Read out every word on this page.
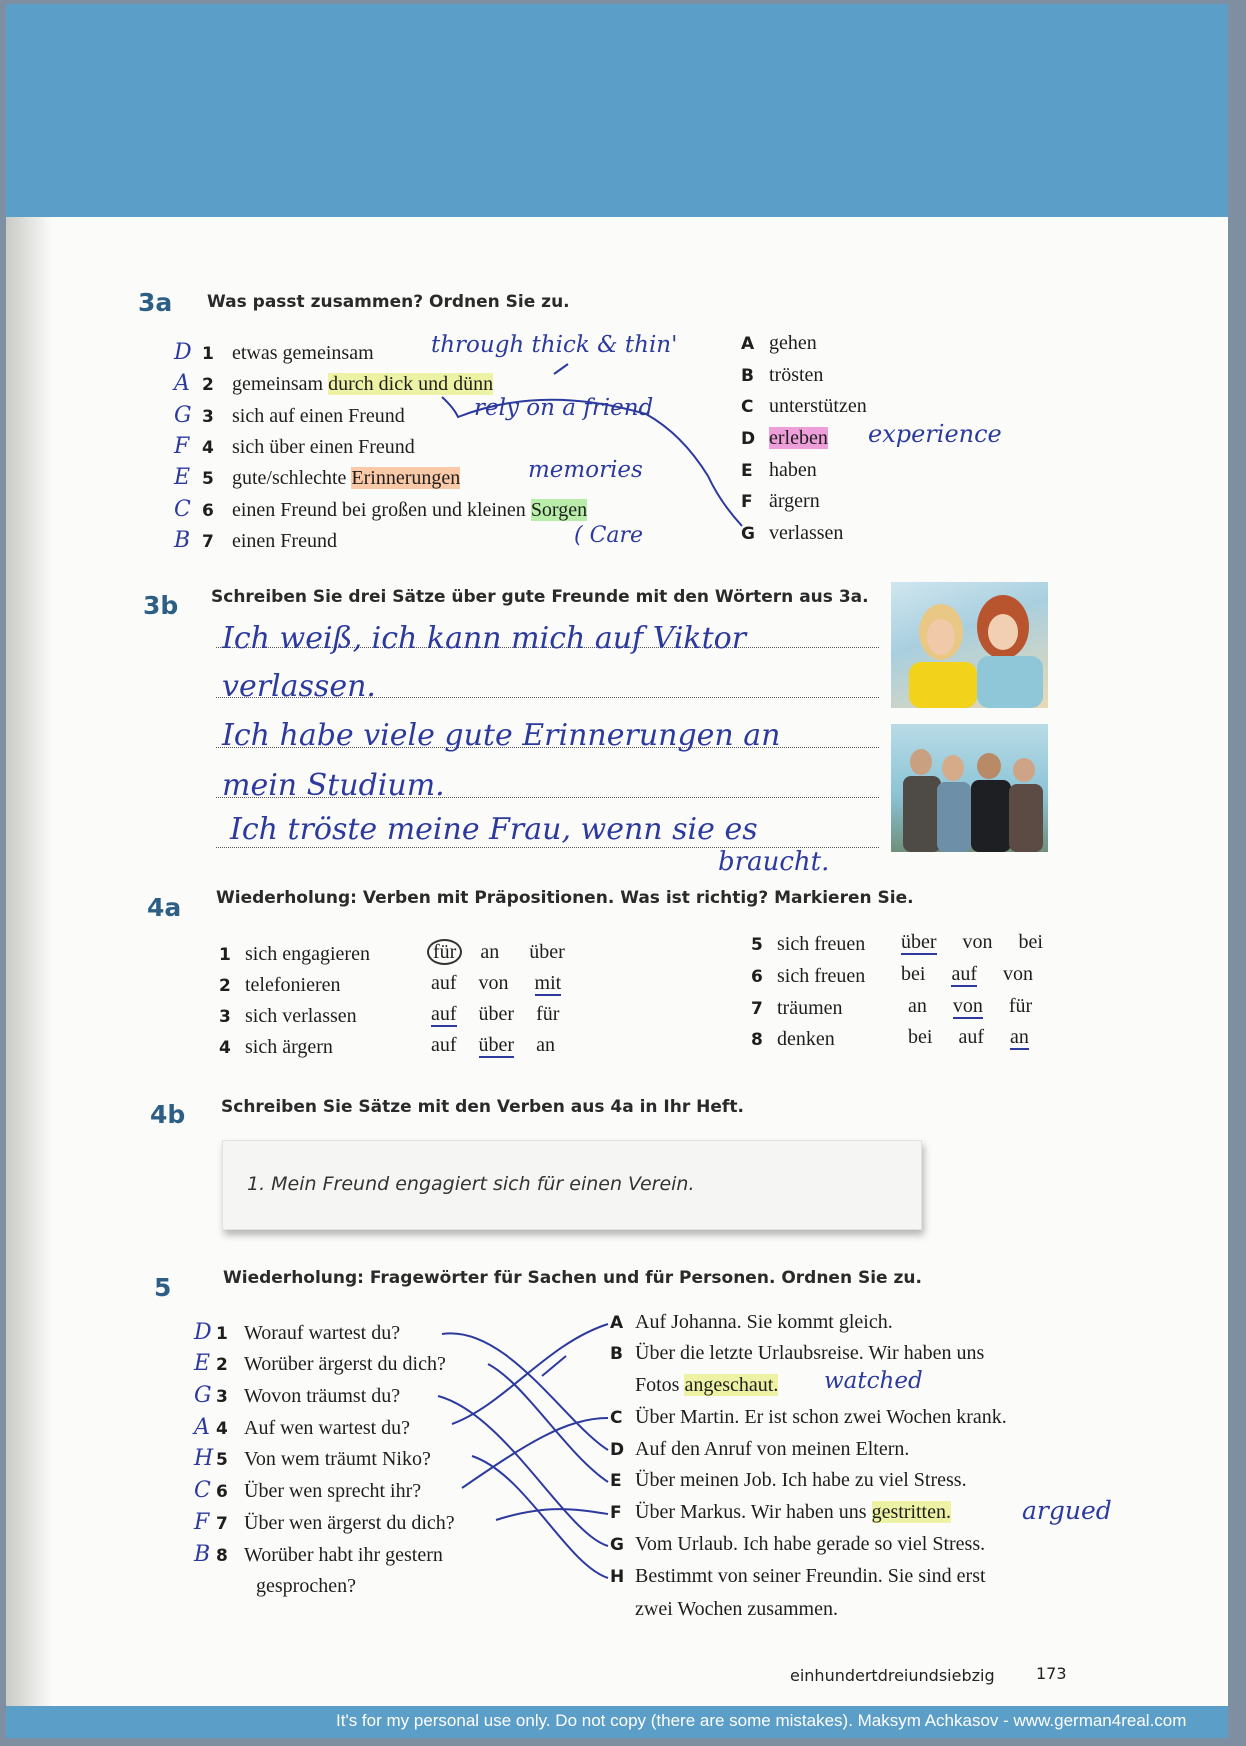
3a Was passt zusammen? Ordnen Sie zu.
D 1 etwas gemeinsam
A 2 gemeinsam durch dick und dünn
G 3 sich auf einen Freund
F 4 sich über einen Freund
E 5 gute/schlechte Erinnerungen
C 6 einen Freund bei großen und kleinen Sorgen
B 7 einen Freund
A gehen
B trösten
C unterstützen
D erleben
E haben
F ärgern
G verlassen
through thick & thin'
rely on a friend
memories
( Care
experience
3b Schreiben Sie drei Sätze über gute Freunde mit den Wörtern aus 3a.
Ich weiß, ich kann mich auf Viktor
verlassen.
Ich habe viele gute Erinnerungen an
mein Studium.
Ich tröste meine Frau, wenn sie es
braucht.
4a Wiederholung: Verben mit Präpositionen. Was ist richtig? Markieren Sie.
1 sich engagieren	für an über
2 telefonieren	auf von mit
3 sich verlassen	auf über für
4 sich ärgern	auf über an
5 sich freuen über von bei
6 sich freuen bei auf von
7 träumen	an von für
8 denken	bei auf an
4b Schreiben Sie Sätze mit den Verben aus 4a in Ihr Heft.
1. Mein Freund engagiert sich für einen Verein.
5	Wiederholung: Fragewörter für Sachen und für Personen. Ordnen Sie zu.
D 1 Worauf wartest du?
E 2 Worüber ärgerst du dich?
G 3 Wovon träumst du?
A 4 Auf wen wartest du?
H 5 Von wem träumt Niko?
C 6 Über wen sprecht ihr?
F 7 Über wen ärgerst du dich?
B 8 Worüber habt ihr gestern
gesprochen?
A Auf Johanna. Sie kommt gleich.
B Über die letzte Urlaubsreise. Wir haben uns
Fotos angeschaut. watched
C Über Martin. Er ist schon zwei Wochen krank.
D Auf den Anruf von meinen Eltern.
E Über meinen Job. Ich habe zu viel Stress.
F Über Markus. Wir haben uns gestritten.	argued
G Vom Urlaub. Ich habe gerade so viel Stress.
H Bestimmt von seiner Freundin. Sie sind erst
zwei Wochen zusammen.
einhundertdreiundsiebzig	173
It's for my personal use only. Do not copy (there are some mistakes). Maksym Achkasov - www.german4real.com
